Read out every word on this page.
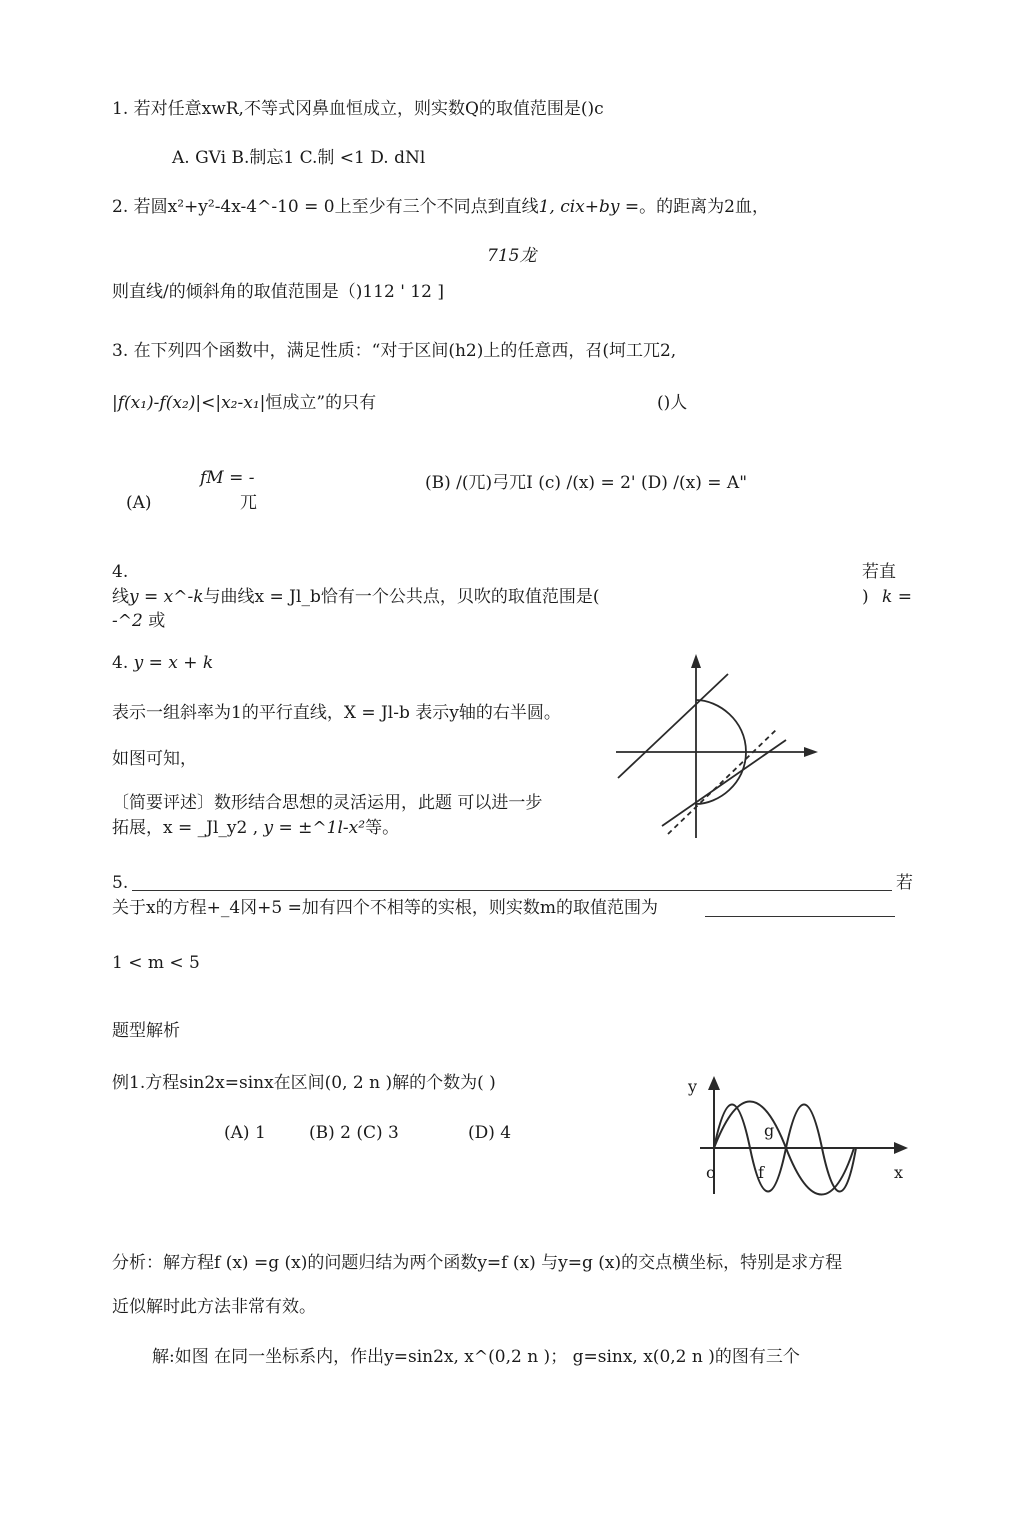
1. 若对任意xwR,不等式冈鼻血恒成立，则实数Q的取值范围是()c
A. GVi B.制忘1 C.制 <1 D. dNl
2. 若圆x²+y²-4x-4^-10 = 0上至少有三个不同点到直线1, cix+by =。的距离为2血，
715龙
则直线/的倾斜角的取值范围是（)112 ' 12 ]
3. 在下列四个函数中，满足性质：“对于区间(h2)上的任意西，召(坷工兀2,
|f(x₁)-f(x₂)|<|x₂-x₁|恒成立”的只有	()人
fM = -
兀
(A)
(B) /(兀)弓兀I (c) /(x) = 2' (D) /(x) = A"
4.	若直
线y = x^-k与曲线x = Jl_b恰有一个公共点，贝吹的取值范围是(	) k =
-^2 或
4. y = x + k
表示一组斜率为1的平行直线，X = Jl-b 表示y轴的右半圆。
如图可知，
〔简要评述〕数形结合思想的灵活运用，此题 可以进一步
拓展，x = _Jl_y2 , y = ±^1l-x²等。
5.	若
关于x的方程+_4冈+5 =加有四个不相等的实根，则实数m的取值范围为
1 < m < 5
题型解析
例1.方程sin2x=sinx在区间(0, 2 n )解的个数为( )
(A) 1	(B) 2 (C) 3	(D) 4
y
x
o
g
f
分析：解方程f (x) =g (x)的问题归结为两个函数y=f (x) 与y=g (x)的交点横坐标，特别是求方程
近似解时此方法非常有效。
解:如图 在同一坐标系内，作出y=sin2x, x^(0,2 n )； g=sinx, x(0,2 n )的图有三个
